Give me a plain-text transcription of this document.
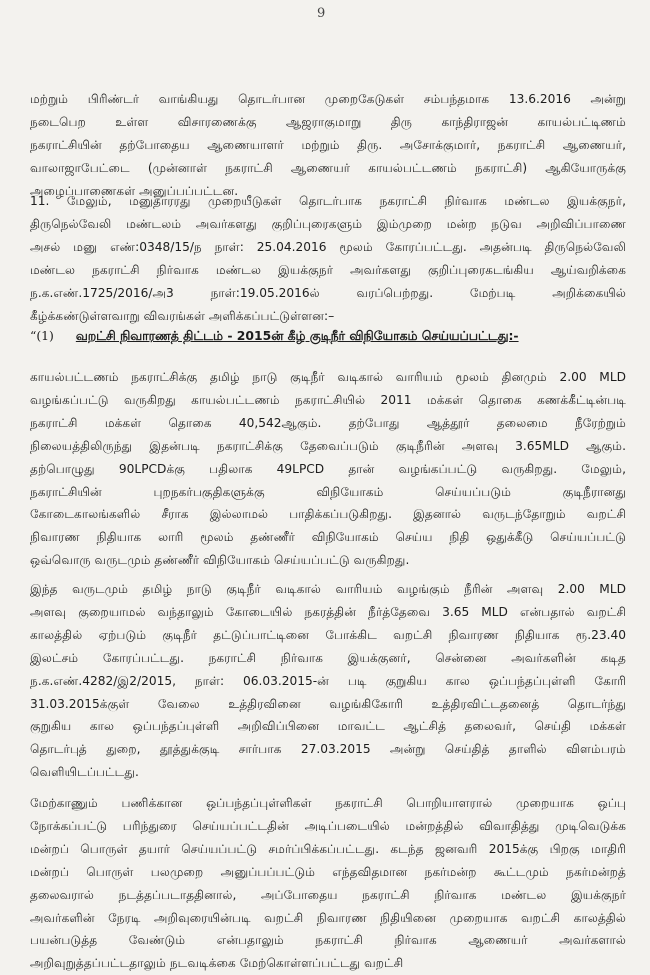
9
மற்றும் பிரிண்டர் வாங்கியது தொடர்பான முறைகேடுகள் சம்பந்தமாக 13.6.2016 அன்று
நடைபெற உள்ள விசாரணைக்கு ஆஜராகுமாறு திரு காந்திராஜன் காயல்பட்டிணம்
நகராட்சியின் தற்போதைய ஆணையாளர் மற்றும் திரு. அசோக்குமார், நகராட்சி ஆணையர்,
வாலாஜாபேட்டை (முன்னாள் நகராட்சி ஆணையர் காயல்பட்டணம் நகராட்சி) ஆகியோருக்கு
அழைப்பாணைகள் அனுப்பப்பட்டன.
11. மேலும், மனுதாரரது முறையீடுகள் தொடர்பாக நகராட்சி நிர்வாக மண்டல இயக்குநர்,
திருநெல்வேலி மண்டலம் அவர்களது குறிப்புரைகளும் இம்முறை மன்ற நடுவ அறிவிப்பாணை
அசல் மனு எண்:0348/15/ந நாள்: 25.04.2016 மூலம் கோரப்பட்டது. அதன்படி திருநெல்வேலி
மண்டல நகராட்சி நிர்வாக மண்டல இயக்குநர் அவர்களது குறிப்புரைகடங்கிய ஆய்வறிக்கை
ந.க.எண்.1725/2016/அ3 நாள்:19.05.2016ல் வரப்பெற்றது. மேற்படி அறிக்கையில்
கீழ்க்கண்டுள்ளவாறு விவரங்கள் அளிக்கப்பட்டுள்ளன:–
“(1) வறட்சி நிவாரணத் திட்டம் - 2015ன் கீழ் குடிநீர் விநியோகம் செய்யப்பட்டது:-
காயல்பட்டணம் நகராட்சிக்கு தமிழ் நாடு குடிநீர் வடிகால் வாரியம் மூலம் தினமும் 2.00 MLD
வழங்கப்பட்டு வருகிறது காயல்பட்டணம் நகராட்சியில் 2011 மக்கள் தொகை கணக்கீட்டின்படி
நகராட்சி மக்கள் தொகை 40,542ஆகும். தற்போது ஆத்தூர் தலைமை நீரேற்றும்
நிலையத்திலிருந்து இதன்படி நகராட்சிக்கு தேவைப்படும் குடிநீரின் அளவு 3.65MLD ஆகும்.
தற்பொழுது 90LPCDக்கு பதிலாக 49LPCD தான் வழங்கப்பட்டு வருகிறது. மேலும்,
நகராட்சியின் புறநகர்பகுதிகளுக்கு விநியோகம் செய்யப்படும் குடிநீரானது
கோடைகாலங்களில் சீராக இல்லாமல் பாதிக்கப்படுகிறது. இதனால் வருடந்தோறும் வறட்சி
நிவாரண நிதியாக லாரி மூலம் தண்ணீர் விநியோகம் செய்ய நிதி ஒதுக்கீடு செய்யப்பட்டு
ஒவ்வொரு வருடமும் தண்ணீர் விநியோகம் செய்யப்பட்டு வருகிறது.
இந்த வருடமும் தமிழ் நாடு குடிநீர் வடிகால் வாரியம் வழங்கும் நீரின் அளவு 2.00 MLD
அளவு குறையாமல் வந்தாலும் கோடையில் நகரத்தின் நீர்த்தேவை 3.65 MLD என்பதால் வறட்சி
காலத்தில் ஏற்படும் குடிநீர் தட்டுப்பாட்டினை போக்கிட வறட்சி நிவாரண நிதியாக ரூ.23.40
இலட்சம் கோரப்பட்டது. நகராட்சி நிர்வாக இயக்குனர், சென்னை அவர்களின் கடித
ந.க.எண்.4282/இ2/2015, நாள்: 06.03.2015-ன் படி குறுகிய கால ஒப்பந்தப்புள்ளி கோரி
31.03.2015க்குள் வேலை உத்திரவினை வழங்கிகோரி உத்திரவிட்டதனைத் தொடர்ந்து
குறுகிய கால ஒப்பந்தப்புள்ளி அறிவிப்பினை மாவட்ட ஆட்சித் தலைவர், செய்தி மக்கள்
தொடர்புத் துறை, தூத்துக்குடி சார்பாக 27.03.2015 அன்று செய்தித் தாளில் விளம்பரம்
வெளியிடப்பட்டது.
மேற்காணும் பணிக்கான ஒப்பந்தப்புள்ளிகள் நகராட்சி பொறியாளரால் முறையாக ஒப்பு
நோக்கப்பட்டு பரிந்துரை செய்யப்பட்டதின் அடிப்படையில் மன்றத்தில் விவாதித்து முடிவெடுக்க
மன்றப் பொருள் தயார் செய்யப்பட்டு சமர்ப்பிக்கப்பட்டது. கடந்த ஜனவரி 2015க்கு பிறகு மாதிரி
மன்றப் பொருள் பலமுறை அனுப்பப்பட்டும் எந்தவிதமான நகர்மன்ற கூட்டமும் நகர்மன்றத்
தலைவரால் நடத்தப்படாததினால், அப்போதைய நகராட்சி நிர்வாக மண்டல இயக்குநர்
அவர்களின் நேரடி அறிவுரையின்படி வறட்சி நிவாரண நிதியினை முறையாக வறட்சி காலத்தில்
பயன்படுத்த வேண்டும் என்பதாலும் நகராட்சி நிர்வாக ஆணையர் அவர்களால்
அறிவுறுத்தப்பட்டதாலும் நடவடிக்கை மேற்கொள்ளப்பட்டது வறட்சி
